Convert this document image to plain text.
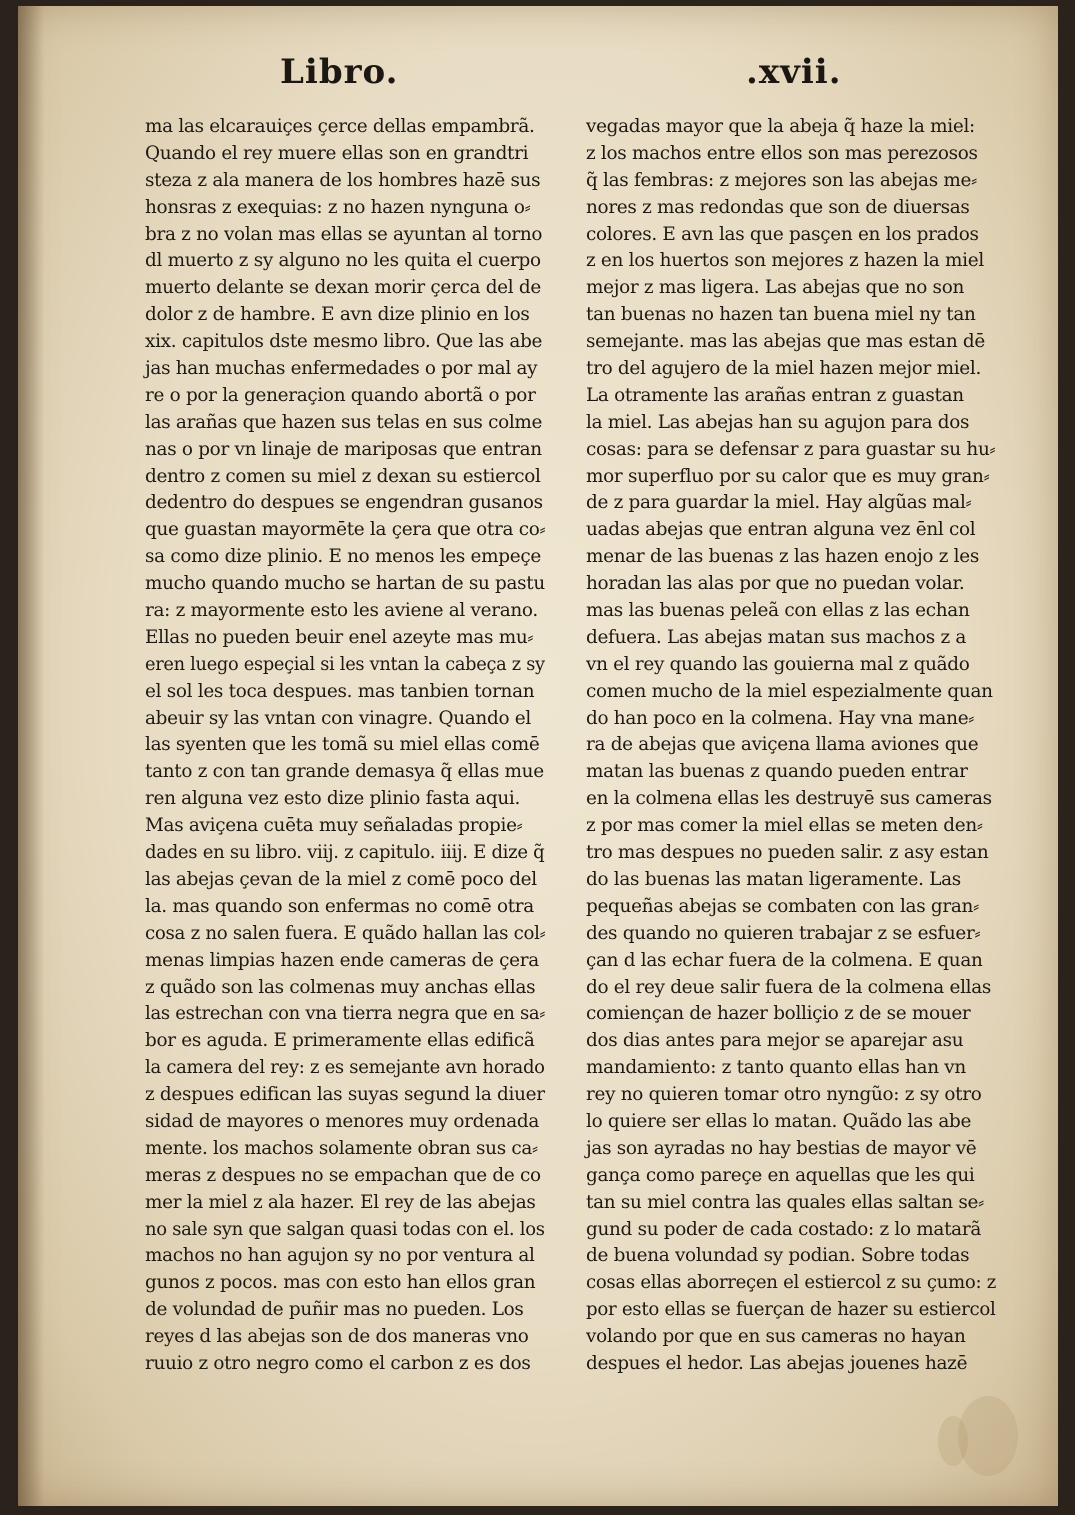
Libro.	.xvii.
ma las elcarauiçes çerce dellas empambrã.
Quando el rey muere ellas son en grandtri
steza z ala manera de los hombres hazē sus
honsras z exequias: z no hazen nynguna o⸗
bra z no volan mas ellas se ayuntan al torno
dl muerto z sy alguno no les quita el cuerpo
muerto delante se dexan morir çerca del de
dolor z de hambre. E avn dize plinio en los
xix. capitulos dste mesmo libro. Que las abe
jas han muchas enfermedades o por mal ay
re o por la generaçion quando abortã o por
las arañas que hazen sus telas en sus colme
nas o por vn linaje de mariposas que entran
dentro z comen su miel z dexan su estiercol
dedentro do despues se engendran gusanos
que guastan mayormēte la çera que otra co⸗
sa como dize plinio. E no menos les empeçe
mucho quando mucho se hartan de su pastu
ra: z mayormente esto les aviene al verano.
Ellas no pueden beuir enel azeyte mas mu⸗
eren luego espeçial si les vntan la cabeça z sy
el sol les toca despues. mas tanbien tornan
abeuir sy las vntan con vinagre. Quando el
las syenten que les tomã su miel ellas comē
tanto z con tan grande demasya q̃ ellas mue
ren alguna vez esto dize plinio fasta aqui.
Mas aviçena cuēta muy señaladas propie⸗
dades en su libro. viij. z capitulo. iiij. E dize q̃
las abejas çevan de la miel z comē poco del
la. mas quando son enfermas no comē otra
cosa z no salen fuera. E quãdo hallan las col⸗
menas limpias hazen ende cameras de çera
z quãdo son las colmenas muy anchas ellas
las estrechan con vna tierra negra que en sa⸗
bor es aguda. E primeramente ellas edificã
la camera del rey: z es semejante avn horado
z despues edifican las suyas segund la diuer
sidad de mayores o menores muy ordenada
mente. los machos solamente obran sus ca⸗
meras z despues no se empachan que de co
mer la miel z ala hazer. El rey de las abejas
no sale syn que salgan quasi todas con el. los
machos no han agujon sy no por ventura al
gunos z pocos. mas con esto han ellos gran
de volundad de puñir mas no pueden. Los
reyes d las abejas son de dos maneras vno
ruuio z otro negro como el carbon z es dos
vegadas mayor que la abeja q̃ haze la miel:
z los machos entre ellos son mas perezosos
q̃ las fembras: z mejores son las abejas me⸗
nores z mas redondas que son de diuersas
colores. E avn las que pasçen en los prados
z en los huertos son mejores z hazen la miel
mejor z mas ligera. Las abejas que no son
tan buenas no hazen tan buena miel ny tan
semejante. mas las abejas que mas estan dē
tro del agujero de la miel hazen mejor miel.
La otramente las arañas entran z guastan
la miel. Las abejas han su agujon para dos
cosas: para se defensar z para guastar su hu⸗
mor superfluo por su calor que es muy gran⸗
de z para guardar la miel. Hay algũas mal⸗
uadas abejas que entran alguna vez ēnl col
menar de las buenas z las hazen enojo z les
horadan las alas por que no puedan volar.
mas las buenas peleã con ellas z las echan
defuera. Las abejas matan sus machos z a
vn el rey quando las gouierna mal z quãdo
comen mucho de la miel espezialmente quan
do han poco en la colmena. Hay vna mane⸗
ra de abejas que aviçena llama aviones que
matan las buenas z quando pueden entrar
en la colmena ellas les destruyē sus cameras
z por mas comer la miel ellas se meten den⸗
tro mas despues no pueden salir. z asy estan
do las buenas las matan ligeramente. Las
pequeñas abejas se combaten con las gran⸗
des quando no quieren trabajar z se esfuer⸗
çan d las echar fuera de la colmena. E quan
do el rey deue salir fuera de la colmena ellas
comiençan de hazer bolliçio z de se mouer
dos dias antes para mejor se aparejar asu
mandamiento: z tanto quanto ellas han vn
rey no quieren tomar otro nyngũo: z sy otro
lo quiere ser ellas lo matan. Quãdo las abe
jas son ayradas no hay bestias de mayor vē
gança como pareçe en aquellas que les qui
tan su miel contra las quales ellas saltan se⸗
gund su poder de cada costado: z lo matarã
de buena volundad sy podian. Sobre todas
cosas ellas aborreçen el estiercol z su çumo: z
por esto ellas se fuerçan de hazer su estiercol
volando por que en sus cameras no hayan
despues el hedor. Las abejas jouenes hazē
